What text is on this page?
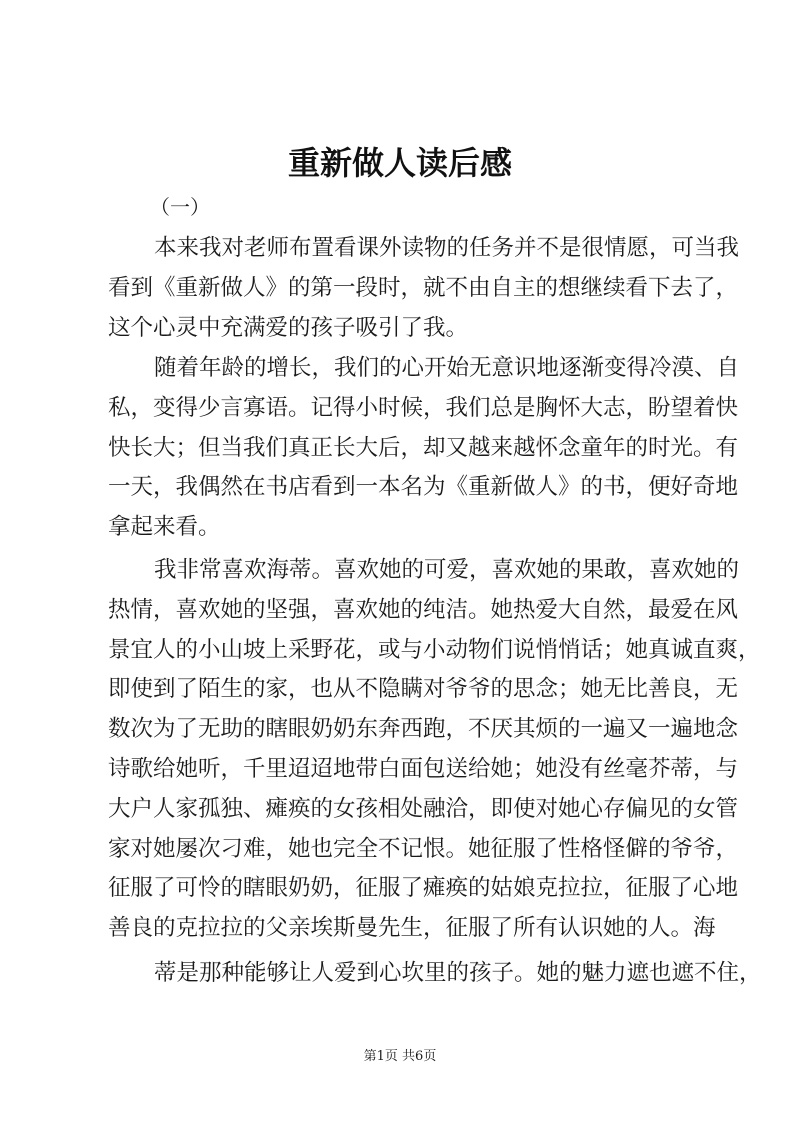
重新做人读后感
（一）
本来我对老师布置看课外读物的任务并不是很情愿，可当我
看到《重新做人》的第一段时，就不由自主的想继续看下去了，
这个心灵中充满爱的孩子吸引了我。
随着年龄的增长，我们的心开始无意识地逐渐变得冷漠、自
私，变得少言寡语。记得小时候，我们总是胸怀大志，盼望着快
快长大；但当我们真正长大后，却又越来越怀念童年的时光。有
一天，我偶然在书店看到一本名为《重新做人》的书，便好奇地
拿起来看。
我非常喜欢海蒂。喜欢她的可爱，喜欢她的果敢，喜欢她的
热情，喜欢她的坚强，喜欢她的纯洁。她热爱大自然，最爱在风
景宜人的小山坡上采野花，或与小动物们说悄悄话；她真诚直爽，
即使到了陌生的家，也从不隐瞒对爷爷的思念；她无比善良，无
数次为了无助的瞎眼奶奶东奔西跑，不厌其烦的一遍又一遍地念
诗歌给她听，千里迢迢地带白面包送给她；她没有丝毫芥蒂，与
大户人家孤独、瘫痪的女孩相处融洽，即使对她心存偏见的女管
家对她屡次刁难，她也完全不记恨。她征服了性格怪僻的爷爷，
征服了可怜的瞎眼奶奶，征服了瘫痪的姑娘克拉拉，征服了心地
善良的克拉拉的父亲埃斯曼先生，征服了所有认识她的人。海
蒂是那种能够让人爱到心坎里的孩子。她的魅力遮也遮不住，
第1页 共6页
